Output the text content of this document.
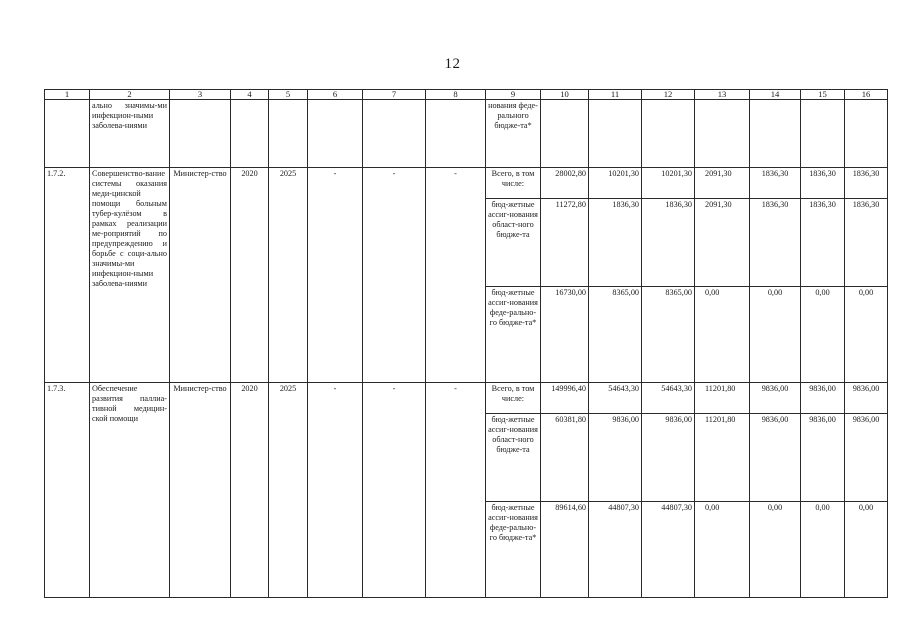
12
1	2	3	4	5	6	7	8	9	10	11	12	13	14	15	16
	ально значимы-ми инфекцион-ными заболева-ниями							нования феде-рального бюдже-та*							
1.7.2.	Совершенство-вание системы оказания меди-цинской помощи больным тубер-кулёзом в рамках реализации ме-роприятий по предупреждению и борьбе с соци-ально значимы-ми инфекцион-ными заболева-ниями	Министер-ство	2020	2025	-	-	-	Всего, в том числе:	28002,80	10201,30	10201,30	2091,30	1836,30	1836,30	1836,30
								бюд-жетные ассиг-нования област-ного бюдже-та	11272,80	1836,30	1836,30	2091,30	1836,30	1836,30	1836,30
								бюд-жетные ассиг-нования феде-рально-го бюдже-та*	16730,00	8365,00	8365,00	0,00	0,00	0,00	0,00
1.7.3.	Обеспечение развития паллиа-тивной медицин-ской помощи	Министер-ство	2020	2025	-	-	-	Всего, в том числе:	149996,40	54643,30	54643,30	11201,80	9836,00	9836,00	9836,00
								бюд-жетные ассиг-нования област-ного бюдже-та	60381,80	9836,00	9836,00	11201,80	9836,00	9836,00	9836,00
								бюд-жетные ассиг-нования феде-рально-го бюдже-та*	89614,60	44807,30	44807,30	0,00	0,00	0,00	0,00
